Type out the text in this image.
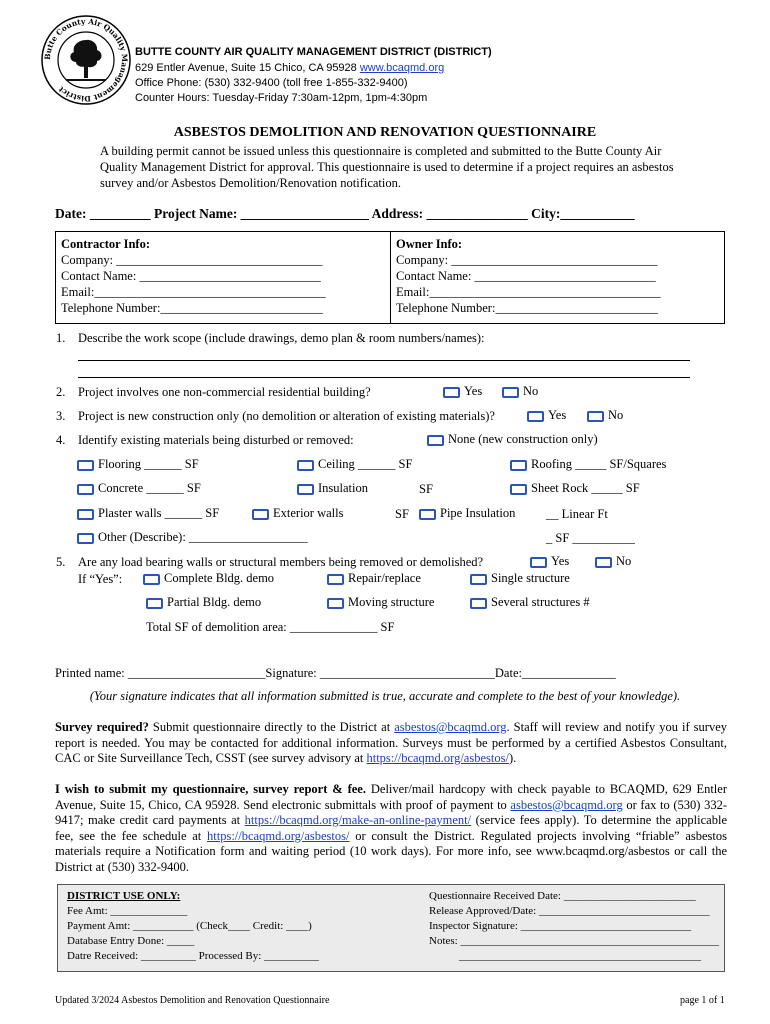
Butte County Air Quality Management District
BUTTE COUNTY AIR QUALITY MANAGEMENT DISTRICT (DISTRICT)
629 Entler Avenue, Suite 15 Chico, CA 95928 www.bcaqmd.org
Office Phone: (530) 332-9400 (toll free 1-855-332-9400)
Counter Hours: Tuesday-Friday 7:30am-12pm, 1pm-4:30pm
ASBESTOS DEMOLITION AND RENOVATION QUESTIONNAIRE
A building permit cannot be issued unless this questionnaire is completed and submitted to the Butte County Air Quality Management District for approval. This questionnaire is used to determine if a project requires an asbestos survey and/or Asbestos Demolition/Renovation notification.
Date: _________ Project Name: ___________________ Address: _______________ City:___________
Contractor Info:
Company: _________________________________
Contact Name: _____________________________
Email:_____________________________________
Telephone Number:__________________________
Owner Info:
Company: _________________________________
Contact Name: _____________________________
Email:_____________________________________
Telephone Number:__________________________
1. Describe the work scope (include drawings, demo plan & room numbers/names):
2. Project involves one non-commercial residential building?	Yes	No
3. Project is new construction only (no demolition or alteration of existing materials)?	Yes	No
4. Identify existing materials being disturbed or removed:	None (new construction only)
Flooring ______ SF	Ceiling ______ SF	Roofing _____ SF/Squares
Concrete ______ SF	Insulation	SF	Sheet Rock _____ SF
Plaster walls ______ SF	Exterior walls	SF	Pipe Insulation __ Linear Ft
Other (Describe): ___________________	_ SF __________
5. Are any load bearing walls or structural members being removed or demolished?	Yes	No
If “Yes”:	Complete Bldg. demo	Repair/replace	Single structure
Partial Bldg. demo	Moving structure	Several structures #
Total SF of demolition area: ______________ SF
Printed name: ______________________Signature: ____________________________Date:_______________
(Your signature indicates that all information submitted is true, accurate and complete to the best of your knowledge).
Survey required? Submit questionnaire directly to the District at asbestos@bcaqmd.org. Staff will review and notify you if survey report is needed. You may be contacted for additional information. Surveys must be performed by a certified Asbestos Consultant, CAC or Site Surveillance Tech, CSST (see survey advisory at https://bcaqmd.org/asbestos/).
I wish to submit my questionnaire, survey report & fee. Deliver/mail hardcopy with check payable to BCAQMD, 629 Entler Avenue, Suite 15, Chico, CA 95928. Send electronic submittals with proof of payment to asbestos@bcaqmd.org or fax to (530) 332-9417; make credit card payments at https://bcaqmd.org/make-an-online-payment/ (service fees apply). To determine the applicable fee, see the fee schedule at https://bcaqmd.org/asbestos/ or consult the District. Regulated projects involving “friable” asbestos materials require a Notification form and waiting period (10 work days). For more info, see www.bcaqmd.org/asbestos or call the District at (530) 332-9400.
DISTRICT USE ONLY:
Fee Amt: ______________
Payment Amt: ___________ (Check____ Credit: ____)
Database Entry Done: _____
Datre Received: __________ Processed By: __________
Questionnaire Received Date: ________________________
Release Approved/Date: _______________________________
Inspector Signature: _______________________________
Notes: _______________________________________________
____________________________________________
Updated 3/2024 Asbestos Demolition and Renovation Questionnaire	page 1 of 1
